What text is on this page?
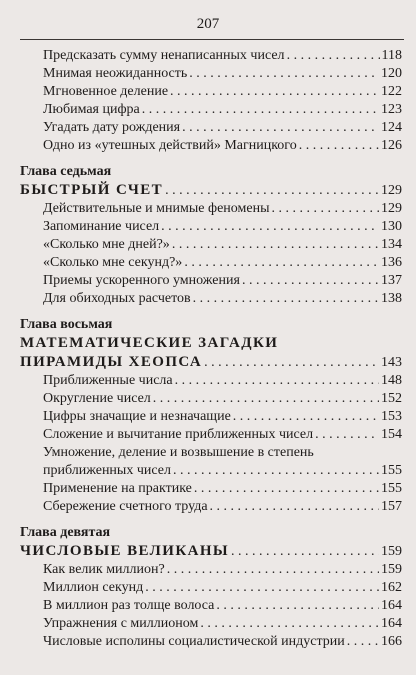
207
Предсказать сумму ненаписанных чисел . . .	118
Мнимая неожиданность . . .	120
Мгновенное деление . . .	122
Любимая цифра . . .	123
Угадать дату рождения . . .	124
Одно из «утешных действий» Магницкого . . .	126
Глава седьмая
БЫСТРЫЙ СЧЕТ . . .	129
Действительные и мнимые феномены . . .	129
Запоминание чисел . . .	130
«Сколько мне дней?» . . .	134
«Сколько мне секунд?» . . .	136
Приемы ускоренного умножения . . .	137
Для обиходных расчетов . . .	138
Глава восьмая
МАТЕМАТИЧЕСКИЕ ЗАГАДКИ
ПИРАМИДЫ ХЕОПСА . . .	143
Приближенные числа . . .	148
Округление чисел . . .	152
Цифры значащие и незначащие . . .	153
Сложение и вычитание приближенных чисел . . .	154
Умножение, деление и возвышение в степень
приближенных чисел . . .	155
Применение на практике . . .	155
Сбережение счетного труда . . .	157
Глава девятая
ЧИСЛОВЫЕ ВЕЛИКАНЫ . . .	159
Как велик миллион? . . .	159
Миллион секунд . . .	162
В миллион раз толще волоса . . .	164
Упражнения с миллионом . . .	164
Числовые исполины социалистической индустрии . . .	166
